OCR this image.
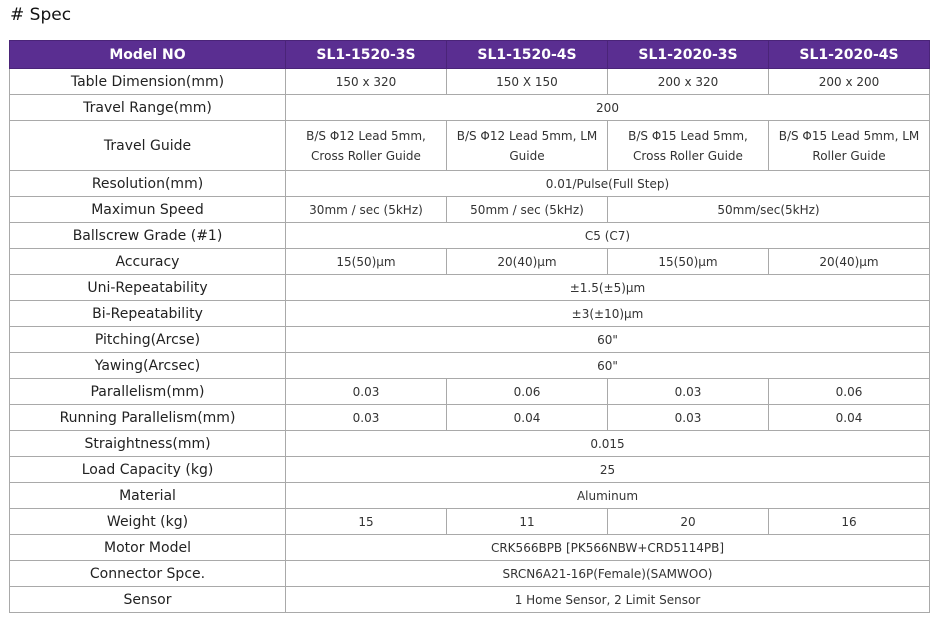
# Spec
Model NO	SL1-1520-3S	SL1-1520-4S	SL1-2020-3S	SL1-2020-4S
Table Dimension(mm)	150 x 320	150 X 150	200 x 320	200 x 200
Travel Range(mm)	200			
Travel Guide	B/S Φ12 Lead 5mm, Cross Roller Guide	B/S Φ12 Lead 5mm, LM Guide	B/S Φ15 Lead 5mm, Cross Roller Guide	B/S Φ15 Lead 5mm, LM Roller Guide
Resolution(mm)	0.01/Pulse(Full Step)			
Maximun Speed	30mm / sec (5kHz)	50mm / sec (5kHz)	50mm/sec(5kHz)	
Ballscrew Grade (#1)	C5 (C7)			
Accuracy	15(50)μm	20(40)μm	15(50)μm	20(40)μm
Uni-Repeatability	±1.5(±5)μm			
Bi-Repeatability	±3(±10)μm			
Pitching(Arcse)	60"			
Yawing(Arcsec)	60"			
Parallelism(mm)	0.03	0.06	0.03	0.06
Running Parallelism(mm)	0.03	0.04	0.03	0.04
Straightness(mm)	0.015			
Load Capacity (kg)	25			
Material	Aluminum			
Weight (kg)	15	11	20	16
Motor Model	CRK566BPB [PK566NBW+CRD5114PB]			
Connector Spce.	SRCN6A21-16P(Female)(SAMWOO)			
Sensor	1 Home Sensor, 2 Limit Sensor			
